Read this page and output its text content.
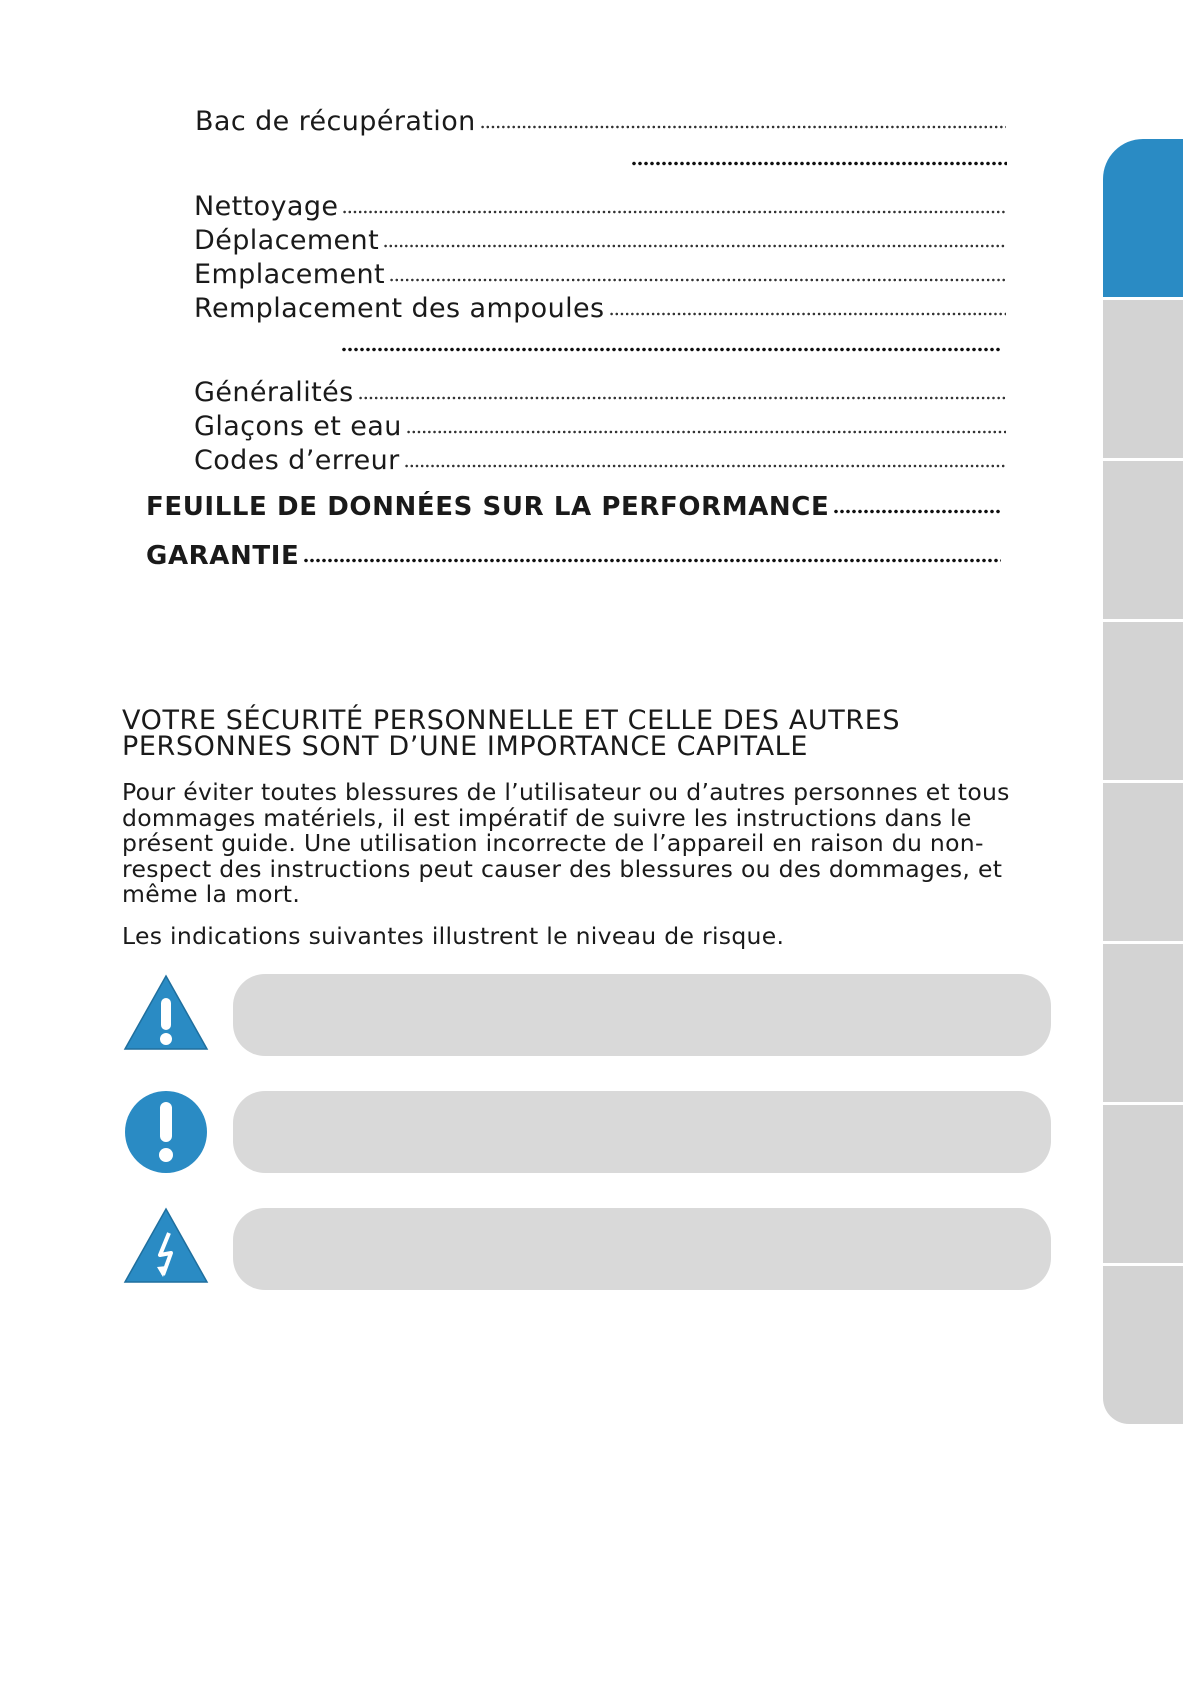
Bac de récupération
Nettoyage
Déplacement
Emplacement
Remplacement des ampoules
Généralités
Glaçons et eau
Codes d’erreur
FEUILLE DE DONNÉES SUR LA PERFORMANCE
GARANTIE
VOTRE SÉCURITÉ PERSONNELLE ET CELLE DES AUTRES
PERSONNES SONT D’UNE IMPORTANCE CAPITALE

Pour éviter toutes blessures de l’utilisateur ou d’autres personnes et tous dommages matériels, il est impératif de suivre les instructions dans le présent guide. Une utilisation incorrecte de l’appareil en raison du non-respect des instructions peut causer des blessures ou des dommages, et même la mort.

Les indications suivantes illustrent le niveau de risque.
